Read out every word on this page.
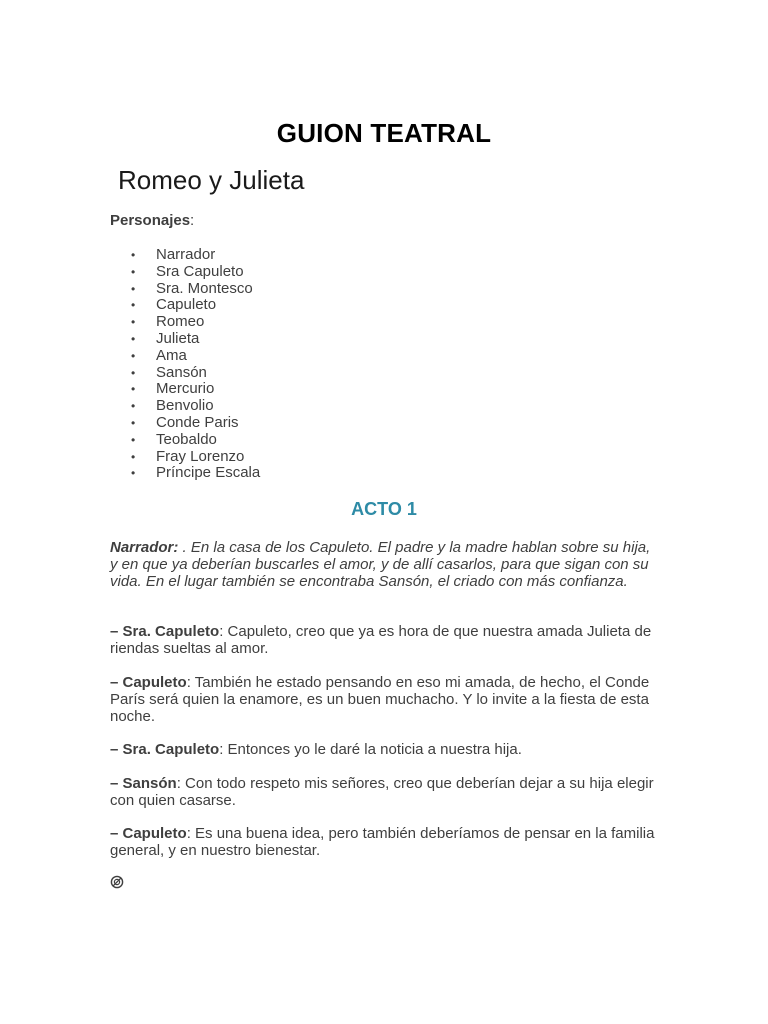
GUION TEATRAL
Romeo y Julieta
Personajes:
• Narrador
• Sra Capuleto
• Sra. Montesco
• Capuleto
• Romeo
• Julieta
• Ama
• Sansón
• Mercurio
• Benvolio
• Conde Paris
• Teobaldo
• Fray Lorenzo
• Príncipe Escala
ACTO 1
Narrador: . En la casa de los Capuleto. El padre y la madre hablan sobre su hija, y en que ya deberían buscarles el amor, y de allí casarlos, para que sigan con su vida. En el lugar también se encontraba Sansón, el criado con más confianza.
– Sra. Capuleto: Capuleto, creo que ya es hora de que nuestra amada Julieta de riendas sueltas al amor.
– Capuleto: También he estado pensando en eso mi amada, de hecho, el Conde París será quien la enamore, es un buen muchacho. Y lo invite a la fiesta de esta noche.
– Sra. Capuleto: Entonces yo le daré la noticia a nuestra hija.
– Sansón: Con todo respeto mis señores, creo que deberían dejar a su hija elegir con quien casarse.
– Capuleto: Es una buena idea, pero también deberíamos de pensar en la familia general, y en nuestro bienestar.
